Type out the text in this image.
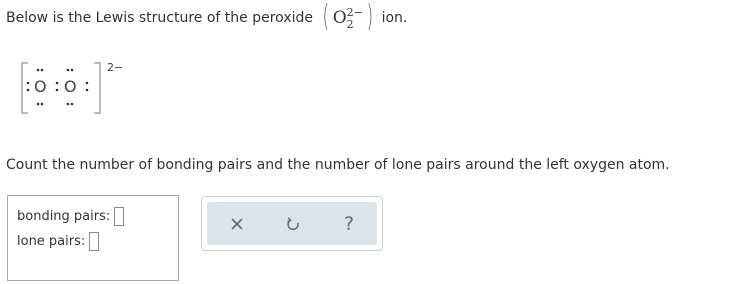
Below is the Lewis structure of the peroxide ( O 2−
2 ) ion.
O O
2−
Count the number of bonding pairs and the number of lone pairs around the left oxygen atom.
bonding pairs:
lone pairs:
?
